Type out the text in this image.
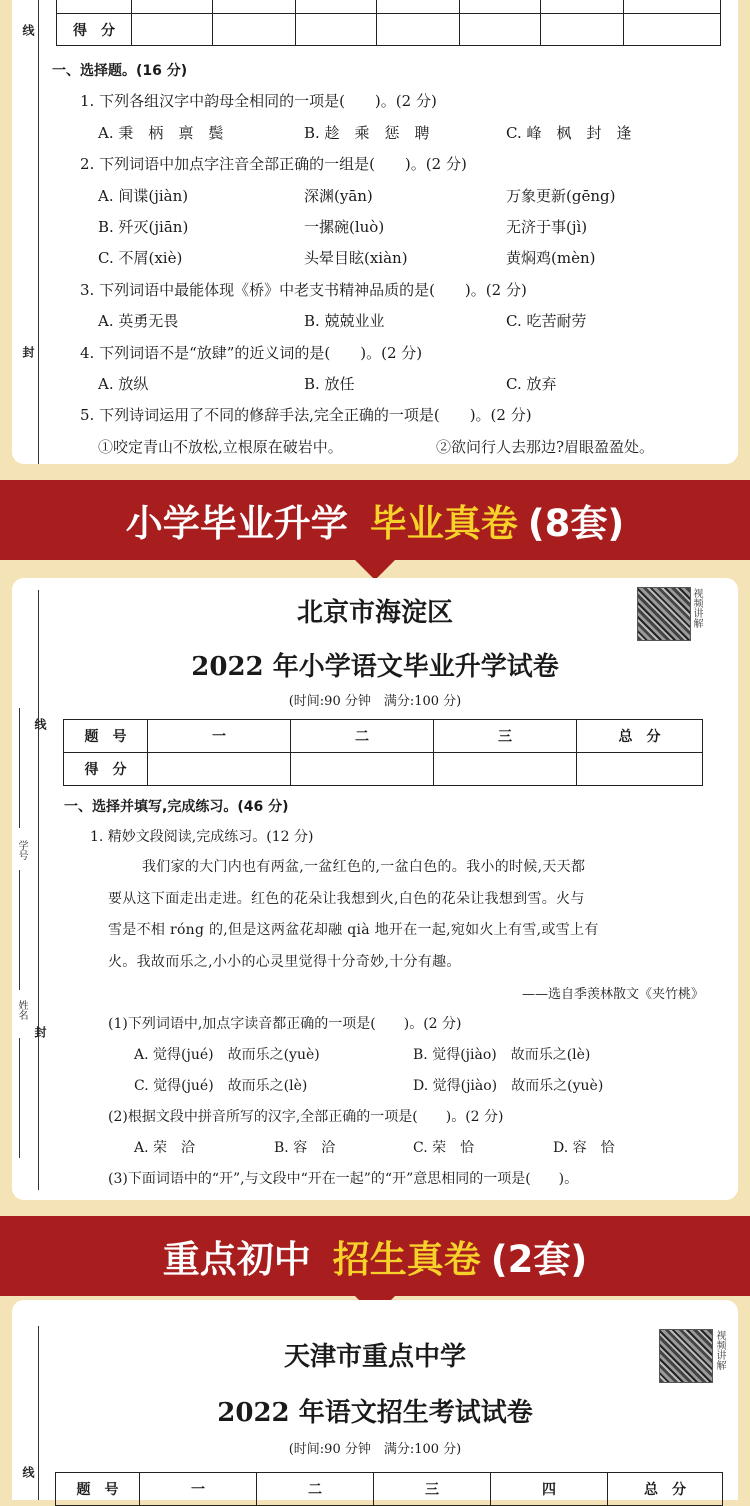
线
封

得　分							
一、选择题。(16 分)
1. 下列各组汉字中韵母全相同的一项是(　　)。(2 分)
A. 秉　柄　禀　鬓	B. 趁　乘　惩　聘	C. 峰　枫　封　逢
2. 下列词语中加点字注音全部正确的一组是(　　)。(2 分)
A. 间谍(jiàn)	深渊(yān)	万象更新(gēng)
B. 歼灭(jiān)	一摞碗(luò)	无济于事(jì)
C. 不屑(xiè)	头晕目眩(xiàn)	黄焖鸡(mèn)
3. 下列词语中最能体现《桥》中老支书精神品质的是(　　)。(2 分)
A. 英勇无畏	B. 兢兢业业	C. 吃苦耐劳
4. 下列词语不是“放肆”的近义词的是(　　)。(2 分)
A. 放纵	B. 放任	C. 放弃
5. 下列诗词运用了不同的修辞手法,完全正确的一项是(　　)。(2 分)
①咬定青山不放松,立根原在破岩中。	②欲问行人去那边?眉眼盈盈处。
小学毕业升学 毕业真卷 (8套)
线
学号
姓名
封
北京市海淀区
2022 年小学语文毕业升学试卷
(时间:90 分钟　满分:100 分)
视频讲解
题　号	一	二	三	总　分
得　分				
一、选择并填写,完成练习。(46 分)
1. 精妙文段阅读,完成练习。(12 分)
我们家的大门内也有两盆,一盆红色的,一盆白色的。我小的时候,天天都
要从这下面走出走进。红色的花朵让我想到火,白色的花朵让我想到雪。火与
雪是不相 róng 的,但是这两盆花却融 qià 地开在一起,宛如火上有雪,或雪上有
火。我故而乐之,小小的心灵里觉得十分奇妙,十分有趣。
——选自季羡林散文《夹竹桃》
(1)下列词语中,加点字读音都正确的一项是(　　)。(2 分)
A. 觉得(jué)　故而乐之(yuè)	B. 觉得(jiào)　故而乐之(lè)
C. 觉得(jué)　故而乐之(lè)	D. 觉得(jiào)　故而乐之(yuè)
(2)根据文段中拼音所写的汉字,全部正确的一项是(　　)。(2 分)
A. 荣　洽	B. 容　洽	C. 荣　恰	D. 容　恰
(3)下面词语中的“开”,与文段中“开在一起”的“开”意思相同的一项是(　　)。
重点初中 招生真卷 (2套)
线
天津市重点中学
2022 年语文招生考试试卷
(时间:90 分钟　满分:100 分)
视频讲解
题　号	一	二	三	四	总　分
